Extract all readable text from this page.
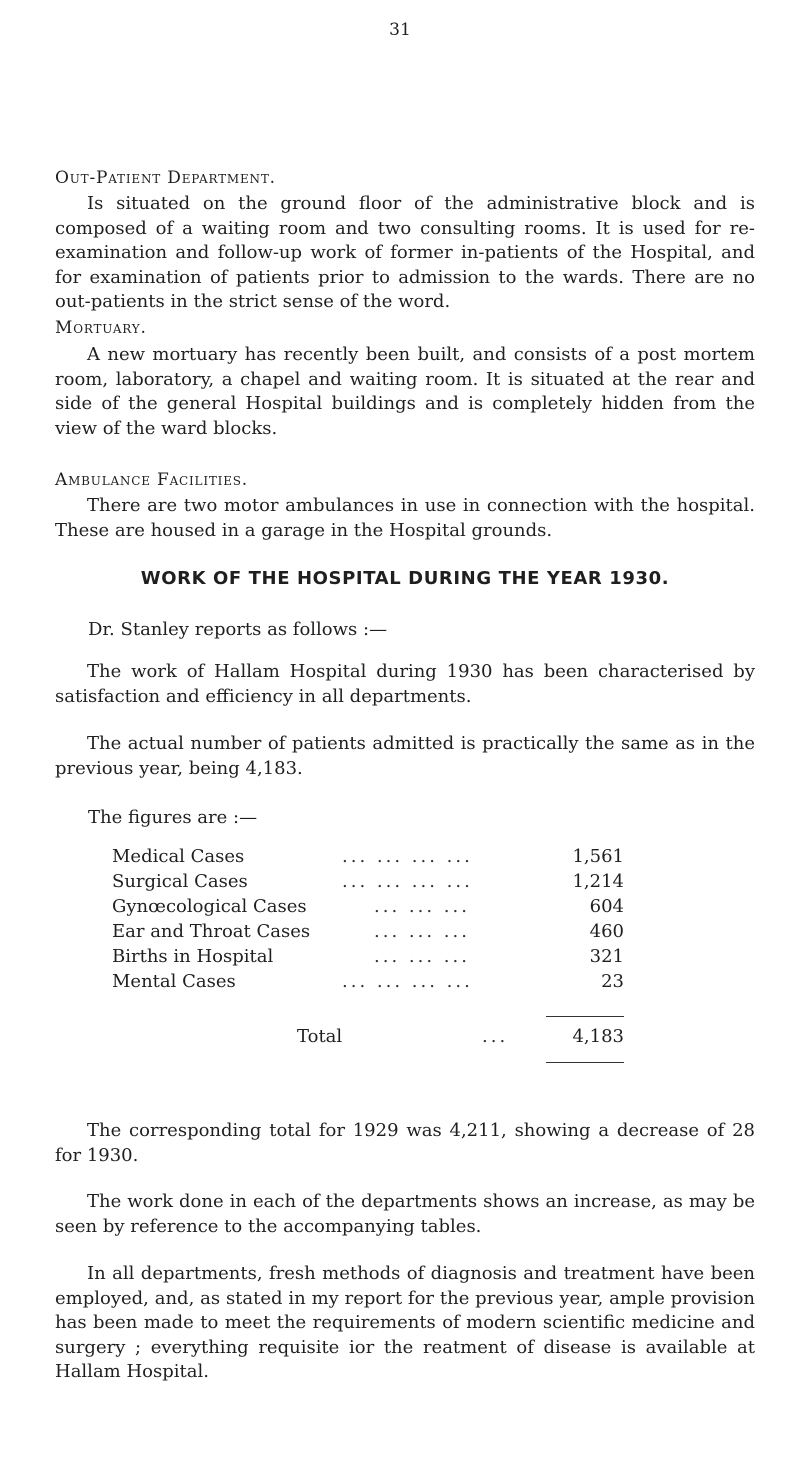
31
Out-Patient Department.

Is situated on the ground floor of the administrative block and is composed of a waiting room and two consulting rooms. It is used for re-examination and follow-up work of former in-patients of the Hospital, and for examination of patients prior to admission to the wards. There are no out-patients in the strict sense of the word.

Mortuary.

A new mortuary has recently been built, and consists of a post mortem room, laboratory, a chapel and waiting room. It is situated at the rear and side of the general Hospital buildings and is completely hidden from the view of the ward blocks.

Ambulance Facilities.

There are two motor ambulances in use in connection with the hospital. These are housed in a garage in the Hospital grounds.

WORK OF THE HOSPITAL DURING THE YEAR 1930.
Dr. Stanley reports as follows :—

The work of Hallam Hospital during 1930 has been characterised by satisfaction and efficiency in all departments.

The actual number of patients admitted is practically the same as in the previous year, being 4,183.

The figures are :—
Medical Cases	... ... ... ...	1,561
Surgical Cases	... ... ... ...	1,214
Gynœcological Cases	... ... ...	604
Ear and Throat Cases	... ... ...	460
Births in Hospital	... ... ...	321
Mental Cases	... ... ... ...	23
Total	...	4,183

The corresponding total for 1929 was 4,211, showing a decrease of 28 for 1930.

The work done in each of the departments shows an increase, as may be seen by reference to the accompanying tables.

In all departments, fresh methods of diagnosis and treatment have been employed, and, as stated in my report for the previous year, ample provision has been made to meet the requirements of modern scientific medicine and surgery ; everything requisite ior the reatment of disease is available at Hallam Hospital.
